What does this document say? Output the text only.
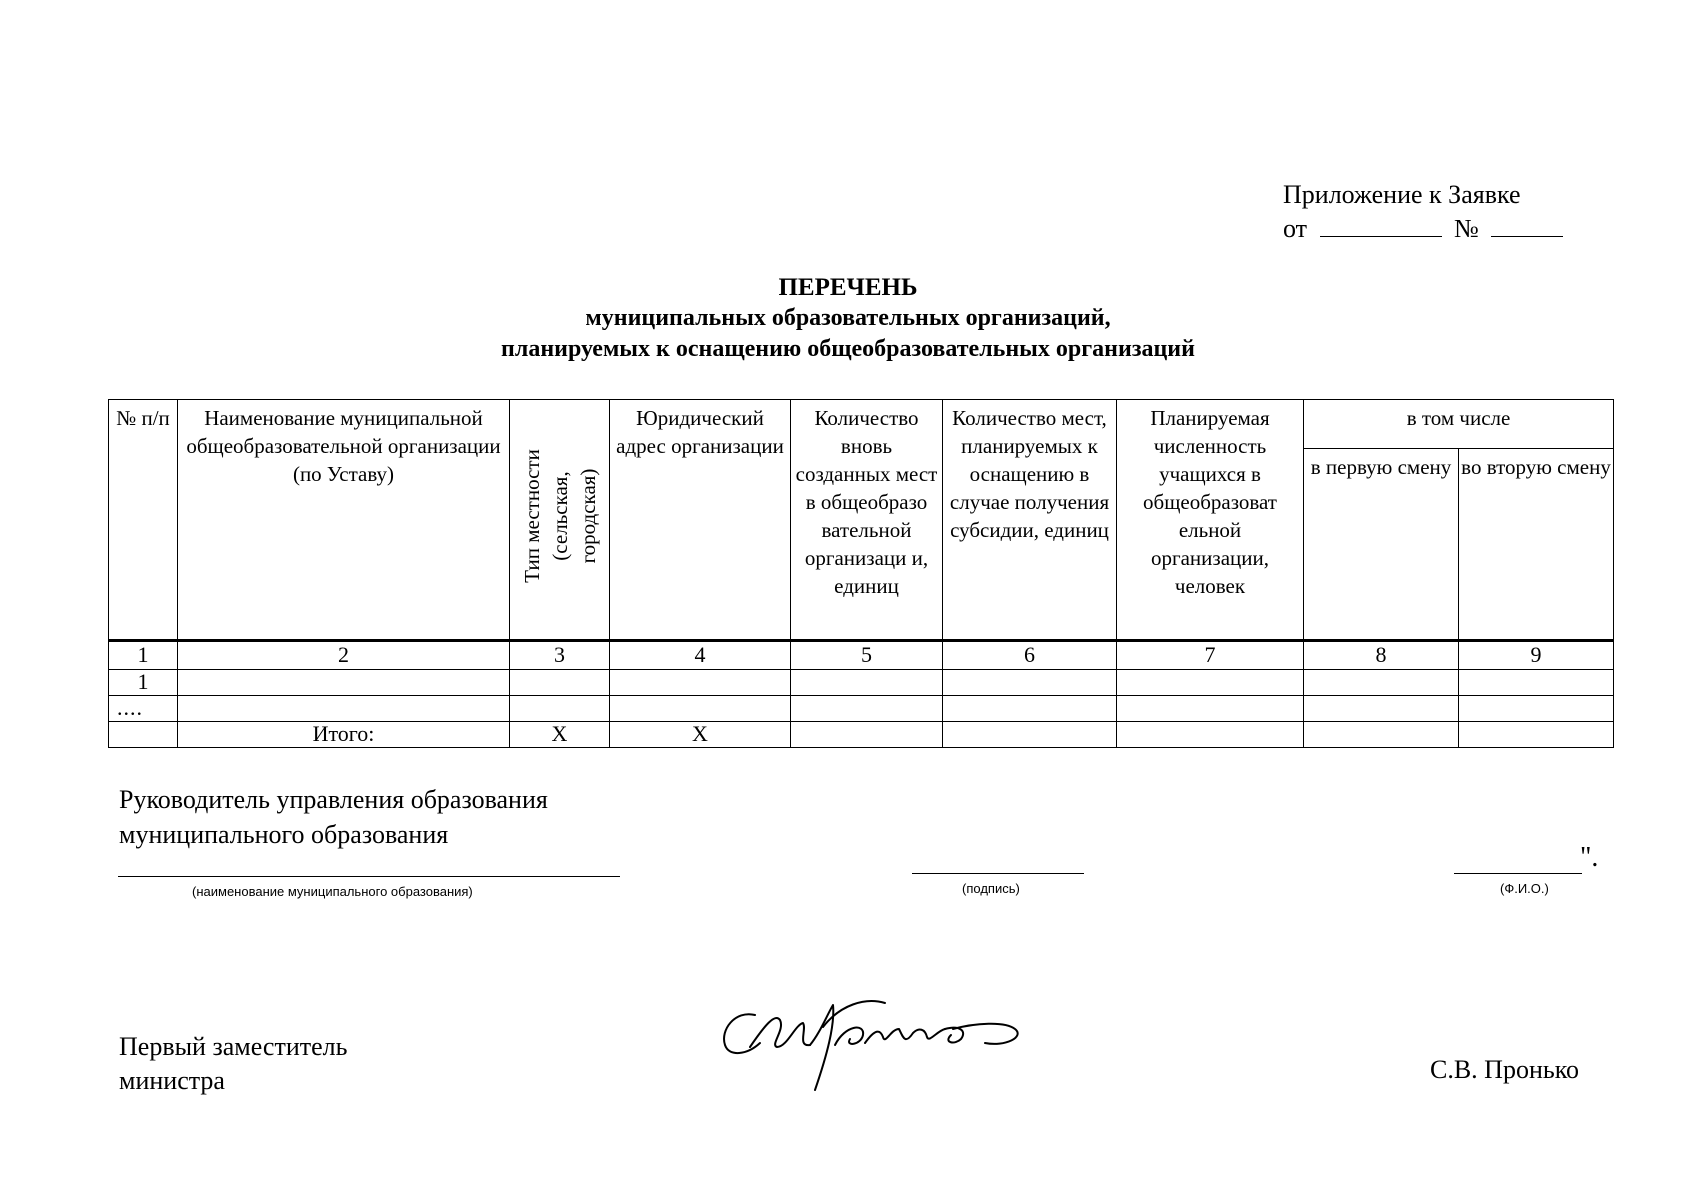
Приложение к Заявке
от	№
ПЕРЕЧЕНЬ
муниципальных образовательных организаций,
планируемых к оснащению общеобразовательных организаций
№ п/п	Наименование муниципальной общеобразовательной организации (по Уставу)	Тип местности (сельская, городская)	Юридический адрес организации	Количество вновь созданных мест в общеобразо вательной организаци и, единиц	Количество мест, планируемых к оснащению в случае получения субсидии, единиц	Планируемая численность учащихся в общеобразоват ельной организации, человек	в том числе	
							в первую смену	во вторую смену
1	2	3	4	5	6	7	8	9
1								
....								
	Итого:	Х	Х					
Руководитель управления образования
муниципального образования
(наименование муниципального образования)	(подпись)
".
(Ф.И.О.)
Первый заместитель
министра	С.В. Пронько
